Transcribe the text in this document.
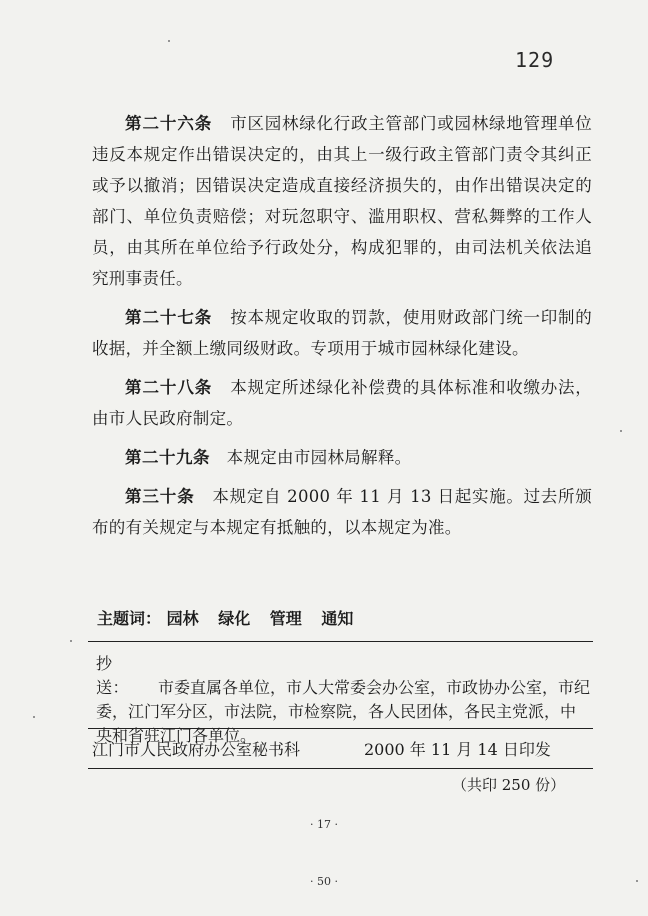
129

第二十六条 市区园林绿化行政主管部门或园林绿地管理单位违反本规定作出错误决定的，由其上一级行政主管部门责令其纠正或予以撤消；因错误决定造成直接经济损失的，由作出错误决定的部门、单位负责赔偿；对玩忽职守、滥用职权、营私舞弊的工作人员，由其所在单位给予行政处分，构成犯罪的，由司法机关依法追究刑事责任。

第二十七条 按本规定收取的罚款，使用财政部门统一印制的收据，并全额上缴同级财政。专项用于城市园林绿化建设。

第二十八条 本规定所述绿化补偿费的具体标准和收缴办法，由市人民政府制定。

第二十九条 本规定由市园林局解释。

第三十条 本规定自 2000 年 11 月 13 日起实施。过去所颁布的有关规定与本规定有抵触的，以本规定为准。

主题词： 园林 绿化 管理 通知
抄　送： 市委直属各单位，市人大常委会办公室，市政协办公室，市纪委，江门军分区，市法院，市检察院，各人民团体，各民主党派，中央和省驻江门各单位。
江门市人民政府办公室秘书科	2000 年 11 月 14 日印发
（共印 250 份）
· 17 ·
· 50 ·
